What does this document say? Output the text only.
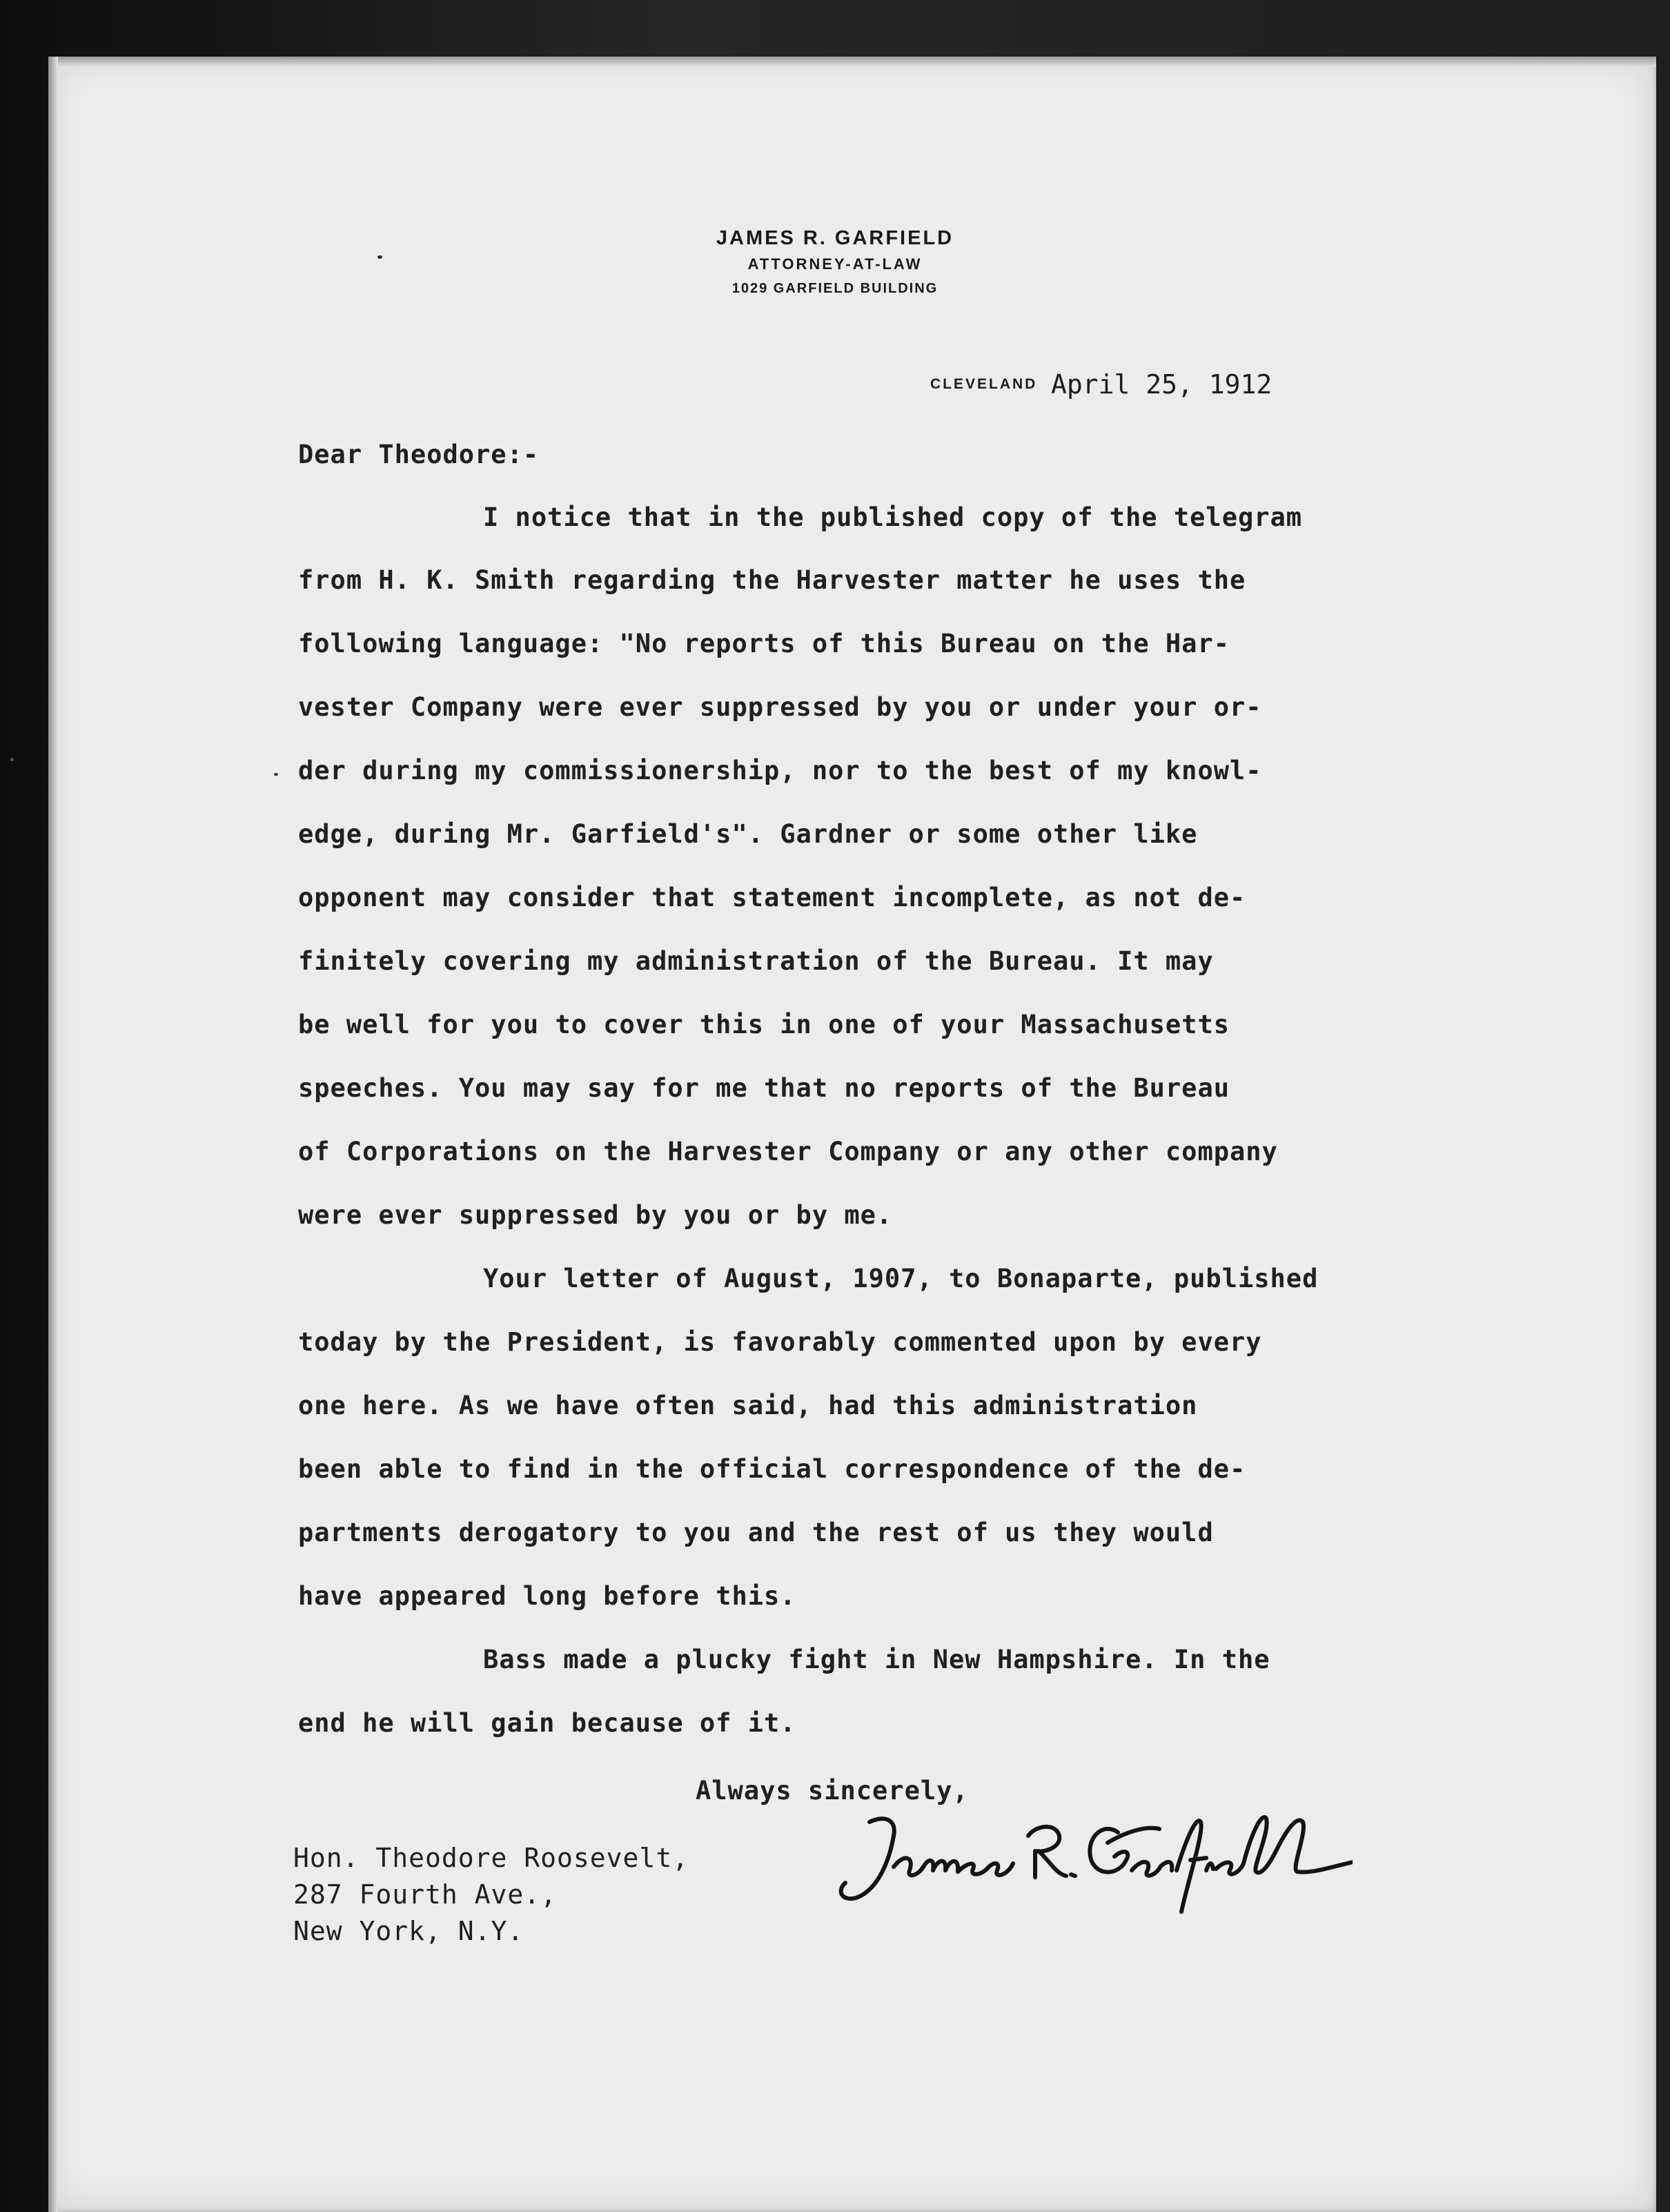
JAMES R. GARFIELD
ATTORNEY-AT-LAW
1029 GARFIELD BUILDING
CLEVELAND April 25, 1912
Dear Theodore:-
I notice that in the published copy of the telegram
from H. K. Smith regarding the Harvester matter he uses the
following language: "No reports of this Bureau on the Har-
vester Company were ever suppressed by you or under your or-
der during my commissionership, nor to the best of my knowl-
edge, during Mr. Garfield's". Gardner or some other like
opponent may consider that statement incomplete, as not de-
finitely covering my administration of the Bureau. It may
be well for you to cover this in one of your Massachusetts
speeches. You may say for me that no reports of the Bureau
of Corporations on the Harvester Company or any other company
were ever suppressed by you or by me.
Your letter of August, 1907, to Bonaparte, published
today by the President, is favorably commented upon by every
one here. As we have often said, had this administration
been able to find in the official correspondence of the de-
partments derogatory to you and the rest of us they would
have appeared long before this.
Bass made a plucky fight in New Hampshire. In the
end he will gain because of it.
Always sincerely,
Hon. Theodore Roosevelt,
287 Fourth Ave.,
New York, N.Y.
